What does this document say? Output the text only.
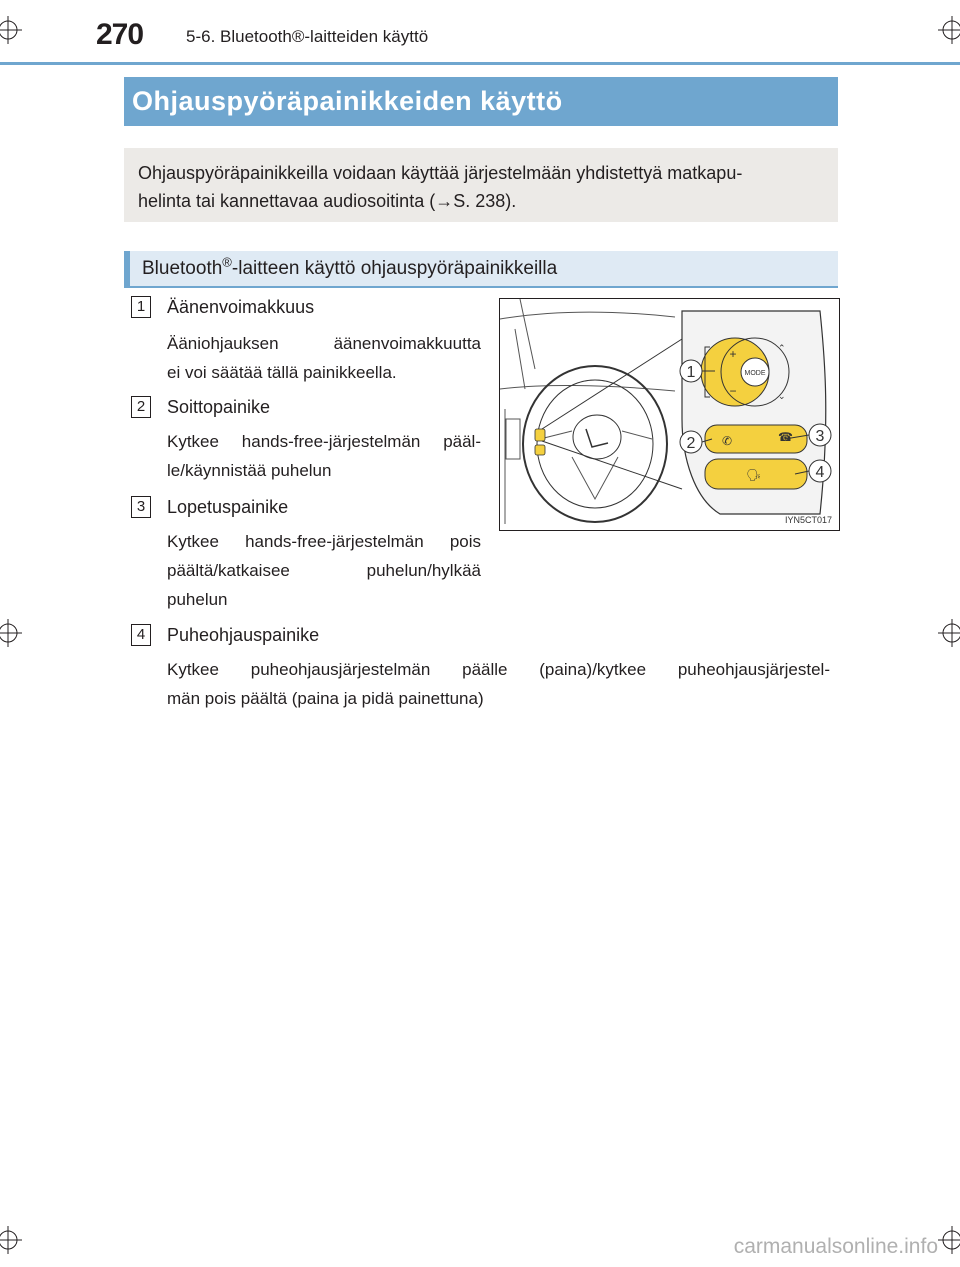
270	5-6. Bluetooth®-laitteiden käyttö
Ohjauspyöräpainikkeiden käyttö
Ohjauspyöräpainikkeilla voidaan käyttää järjestelmään yhdistettyä matkapu-
helinta tai kannettavaa audiosoitinta (→S. 238).
Bluetooth®-laitteen käyttö ohjauspyöräpainikkeilla
1	Äänenvoimakkuus
Ääniohjauksen äänenvoimakkuutta
ei voi säätää tällä painikkeella.
2	Soittopainike
Kytkee hands-free-järjestelmän pääl-
le/käynnistää puhelun
3	Lopetuspainike
Kytkee hands-free-järjestelmän pois
päältä/katkaisee puhelun/hylkää
puhelun
4	Puheohjauspainike
Kytkee puheohjausjärjestelmän päälle (paina)/kytkee puheohjausjärjestel-
män pois päältä (paina ja pidä painettuna)
MODE
+
−
⌃
⌄
✆	☎
🗣
1
2	3
4
IYN5CT017
carmanualsonline.info
